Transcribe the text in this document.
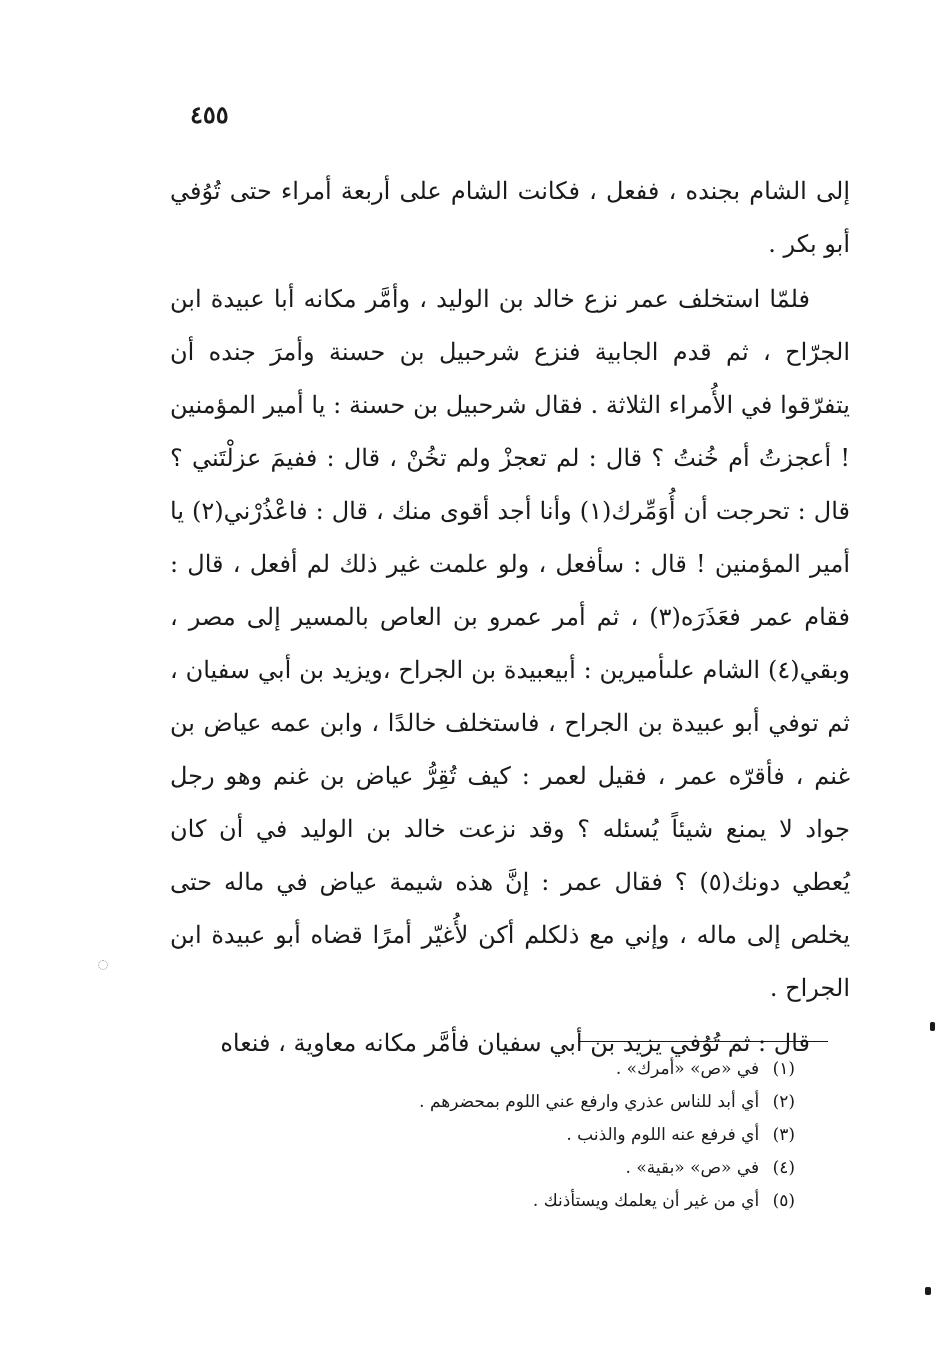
٤٥٥

إلى الشام بجنده ، ففعل ، فكانت الشام على أربعة أمراء حتى تُوُفي أبو بكر .

فلمّا استخلف عمر نزع خالد بن الوليد ، وأمَّر مكانه أبا عبيدة ابن الجرّاح ، ثم قدم الجابية فنزع شرحبيل بن حسنة وأمرَ جنده أن يتفرّقوا في الأُمراء الثلاثة . فقال شرحبيل بن حسنة : يا أمير المؤمنين ! أعجزتُ أم خُنتُ ؟ قال : لم تعجزْ ولم تخُنْ ، قال : ففيمَ عزلْتَني ؟ قال : تحرجت أن أُوَمِّرك(١) وأنا أجد أقوى منك ، قال : فاعْذُرْني(٢) يا أمير المؤمنين ! قال : سأفعل ، ولو علمت غير ذلك لم أفعل ، قال : فقام عمر فعَذَرَه(٣) ، ثم أمر عمرو بن العاص بالمسير إلى مصر ، وبقي(٤) الشام علىأميرين : أبيعبيدة بن الجراح ،ويزيد بن أبي سفيان ، ثم توفي أبو عبيدة بن الجراح ، فاستخلف خالدًا ، وابن عمه عياض بن غنم ، فأقرّه عمر ، فقيل لعمر : كيف تُقِرُّ عياض بن غنم وهو رجل جواد لا يمنع شيئاً يُسئله ؟ وقد نزعت خالد بن الوليد في أن كان يُعطي دونك(٥) ؟ فقال عمر : إنَّ هذه شيمة عياض في ماله حتى يخلص إلى ماله ، وإني مع ذلكلم أكن لأُغيّر أمرًا قضاه أبو عبيدة ابن الجراح .

قال : ثم تُوُفي يزيد بن أبي سفيان فأمَّر مكانه معاوية ، فنعاه

(١) في «ص» «أمرك» .
(٢) أي أبد للناس عذري وارفع عني اللوم بمحضرهم .
(٣) أي فرفع عنه اللوم والذنب .
(٤) في «ص» «بقية» .
(٥) أي من غير أن يعلمك ويستأذنك .
